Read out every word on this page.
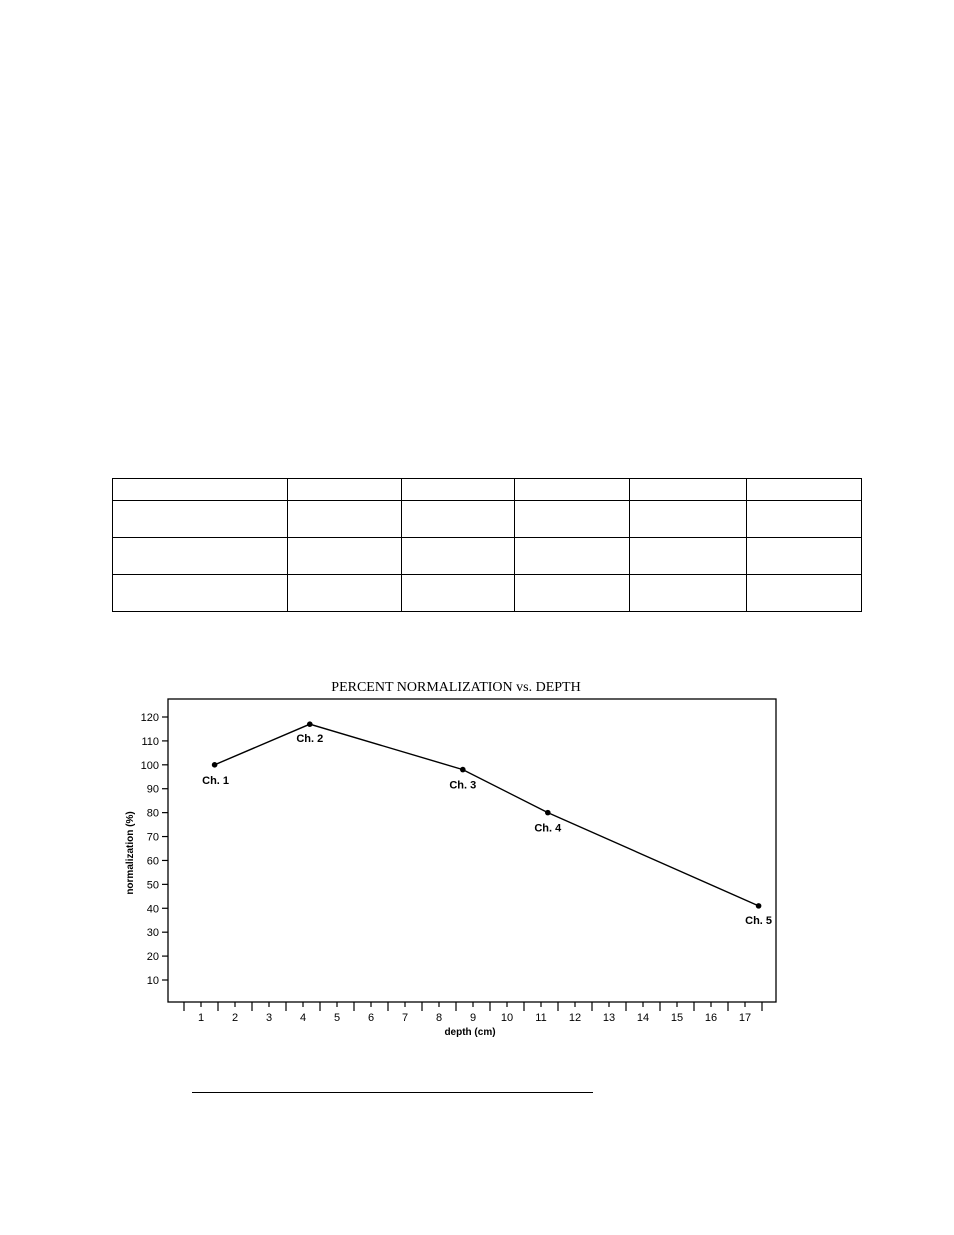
PERCENT NORMALIZATION vs. DEPTH
10
20
30
40
50
60
70
80
90
100
110
120
1	2	3	4	5	6	7	8	9 10 11 12 13 14 15 16 17
depth (cm)
normalization (%)
Ch. 1
Ch. 2
Ch. 3
Ch. 4
Ch. 5
